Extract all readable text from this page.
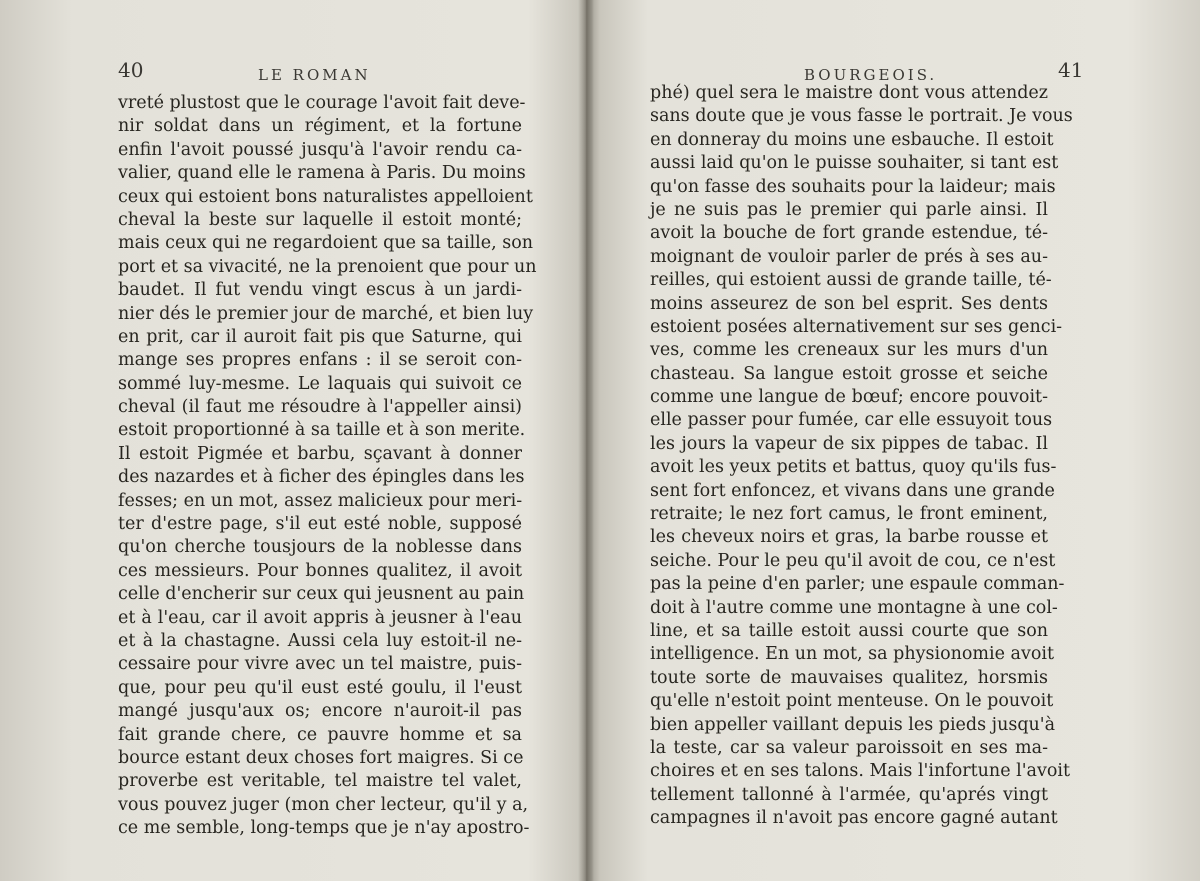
40	LE ROMAN
vreté plustost que le courage l'avoit fait deve-
nir soldat dans un régiment, et la fortune
enfin l'avoit poussé jusqu'à l'avoir rendu ca-
valier, quand elle le ramena à Paris. Du moins
ceux qui estoient bons naturalistes appelloient
cheval la beste sur laquelle il estoit monté;
mais ceux qui ne regardoient que sa taille, son
port et sa vivacité, ne la prenoient que pour un
baudet. Il fut vendu vingt escus à un jardi-
nier dés le premier jour de marché, et bien luy
en prit, car il auroit fait pis que Saturne, qui
mange ses propres enfans : il se seroit con-
sommé luy-mesme. Le laquais qui suivoit ce
cheval (il faut me résoudre à l'appeller ainsi)
estoit proportionné à sa taille et à son merite.
Il estoit Pigmée et barbu, sçavant à donner
des nazardes et à ficher des épingles dans les
fesses; en un mot, assez malicieux pour meri-
ter d'estre page, s'il eut esté noble, supposé
qu'on cherche tousjours de la noblesse dans
ces messieurs. Pour bonnes qualitez, il avoit
celle d'encherir sur ceux qui jeusnent au pain
et à l'eau, car il avoit appris à jeusner à l'eau
et à la chastagne. Aussi cela luy estoit-il ne-
cessaire pour vivre avec un tel maistre, puis-
que, pour peu qu'il eust esté goulu, il l'eust
mangé jusqu'aux os; encore n'auroit-il pas
fait grande chere, ce pauvre homme et sa
bource estant deux choses fort maigres. Si ce
proverbe est veritable, tel maistre tel valet,
vous pouvez juger (mon cher lecteur, qu'il y a,
ce me semble, long-temps que je n'ay apostro-
BOURGEOIS.	41
phé) quel sera le maistre dont vous attendez
sans doute que je vous fasse le portrait. Je vous
en donneray du moins une esbauche. Il estoit
aussi laid qu'on le puisse souhaiter, si tant est
qu'on fasse des souhaits pour la laideur; mais
je ne suis pas le premier qui parle ainsi. Il
avoit la bouche de fort grande estendue, té-
moignant de vouloir parler de prés à ses au-
reilles, qui estoient aussi de grande taille, té-
moins asseurez de son bel esprit. Ses dents
estoient posées alternativement sur ses genci-
ves, comme les creneaux sur les murs d'un
chasteau. Sa langue estoit grosse et seiche
comme une langue de bœuf; encore pouvoit-
elle passer pour fumée, car elle essuyoit tous
les jours la vapeur de six pippes de tabac. Il
avoit les yeux petits et battus, quoy qu'ils fus-
sent fort enfoncez, et vivans dans une grande
retraite; le nez fort camus, le front eminent,
les cheveux noirs et gras, la barbe rousse et
seiche. Pour le peu qu'il avoit de cou, ce n'est
pas la peine d'en parler; une espaule comman-
doit à l'autre comme une montagne à une col-
line, et sa taille estoit aussi courte que son
intelligence. En un mot, sa physionomie avoit
toute sorte de mauvaises qualitez, horsmis
qu'elle n'estoit point menteuse. On le pouvoit
bien appeller vaillant depuis les pieds jusqu'à
la teste, car sa valeur paroissoit en ses ma-
choires et en ses talons. Mais l'infortune l'avoit
tellement tallonné à l'armée, qu'aprés vingt
campagnes il n'avoit pas encore gagné autant
